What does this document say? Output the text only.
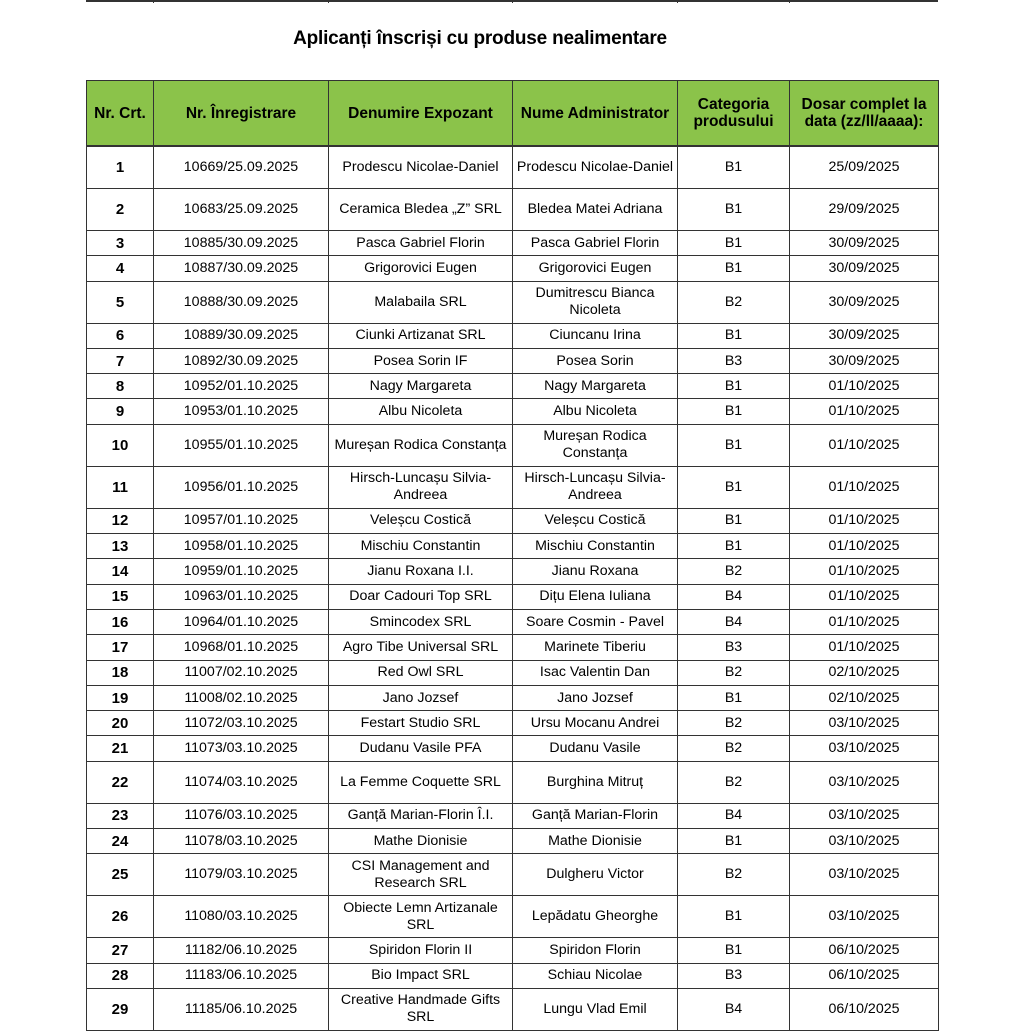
Aplicanți înscriși cu produse nealimentare
Nr. Crt.	Nr. Înregistrare	Denumire Expozant	Nume Administrator	Categoria produsului	Dosar complet la data (zz/ll/aaaa):
1	10669/25.09.2025	Prodescu Nicolae-Daniel	Prodescu Nicolae-Daniel	B1	25/09/2025
2	10683/25.09.2025	Ceramica Bledea „Z” SRL	Bledea Matei Adriana	B1	29/09/2025
3	10885/30.09.2025	Pasca Gabriel Florin	Pasca Gabriel Florin	B1	30/09/2025
4	10887/30.09.2025	Grigorovici Eugen	Grigorovici Eugen	B1	30/09/2025
5	10888/30.09.2025	Malabaila SRL	Dumitrescu Bianca Nicoleta	B2	30/09/2025
6	10889/30.09.2025	Ciunki Artizanat SRL	Ciuncanu Irina	B1	30/09/2025
7	10892/30.09.2025	Posea Sorin IF	Posea Sorin	B3	30/09/2025
8	10952/01.10.2025	Nagy Margareta	Nagy Margareta	B1	01/10/2025
9	10953/01.10.2025	Albu Nicoleta	Albu Nicoleta	B1	01/10/2025
10	10955/01.10.2025	Mureșan Rodica Constanța	Mureșan Rodica Constanța	B1	01/10/2025
11	10956/01.10.2025	Hirsch-Luncașu Silvia-Andreea	Hirsch-Luncașu Silvia-Andreea	B1	01/10/2025
12	10957/01.10.2025	Veleșcu Costică	Veleșcu Costică	B1	01/10/2025
13	10958/01.10.2025	Mischiu Constantin	Mischiu Constantin	B1	01/10/2025
14	10959/01.10.2025	Jianu Roxana I.I.	Jianu Roxana	B2	01/10/2025
15	10963/01.10.2025	Doar Cadouri Top SRL	Dițu Elena Iuliana	B4	01/10/2025
16	10964/01.10.2025	Smincodex SRL	Soare Cosmin - Pavel	B4	01/10/2025
17	10968/01.10.2025	Agro Tibe Universal SRL	Marinete Tiberiu	B3	01/10/2025
18	11007/02.10.2025	Red Owl SRL	Isac Valentin Dan	B2	02/10/2025
19	11008/02.10.2025	Jano Jozsef	Jano Jozsef	B1	02/10/2025
20	11072/03.10.2025	Festart Studio SRL	Ursu Mocanu Andrei	B2	03/10/2025
21	11073/03.10.2025	Dudanu Vasile PFA	Dudanu Vasile	B2	03/10/2025
22	11074/03.10.2025	La Femme Coquette SRL	Burghina Mitruț	B2	03/10/2025
23	11076/03.10.2025	Ganță Marian-Florin Î.I.	Ganță Marian-Florin	B4	03/10/2025
24	11078/03.10.2025	Mathe Dionisie	Mathe Dionisie	B1	03/10/2025
25	11079/03.10.2025	CSI Management and Research SRL	Dulgheru Victor	B2	03/10/2025
26	11080/03.10.2025	Obiecte Lemn Artizanale SRL	Lepădatu Gheorghe	B1	03/10/2025
27	11182/06.10.2025	Spiridon Florin II	Spiridon Florin	B1	06/10/2025
28	11183/06.10.2025	Bio Impact SRL	Schiau Nicolae	B3	06/10/2025
29	11185/06.10.2025	Creative Handmade Gifts SRL	Lungu Vlad Emil	B4	06/10/2025
